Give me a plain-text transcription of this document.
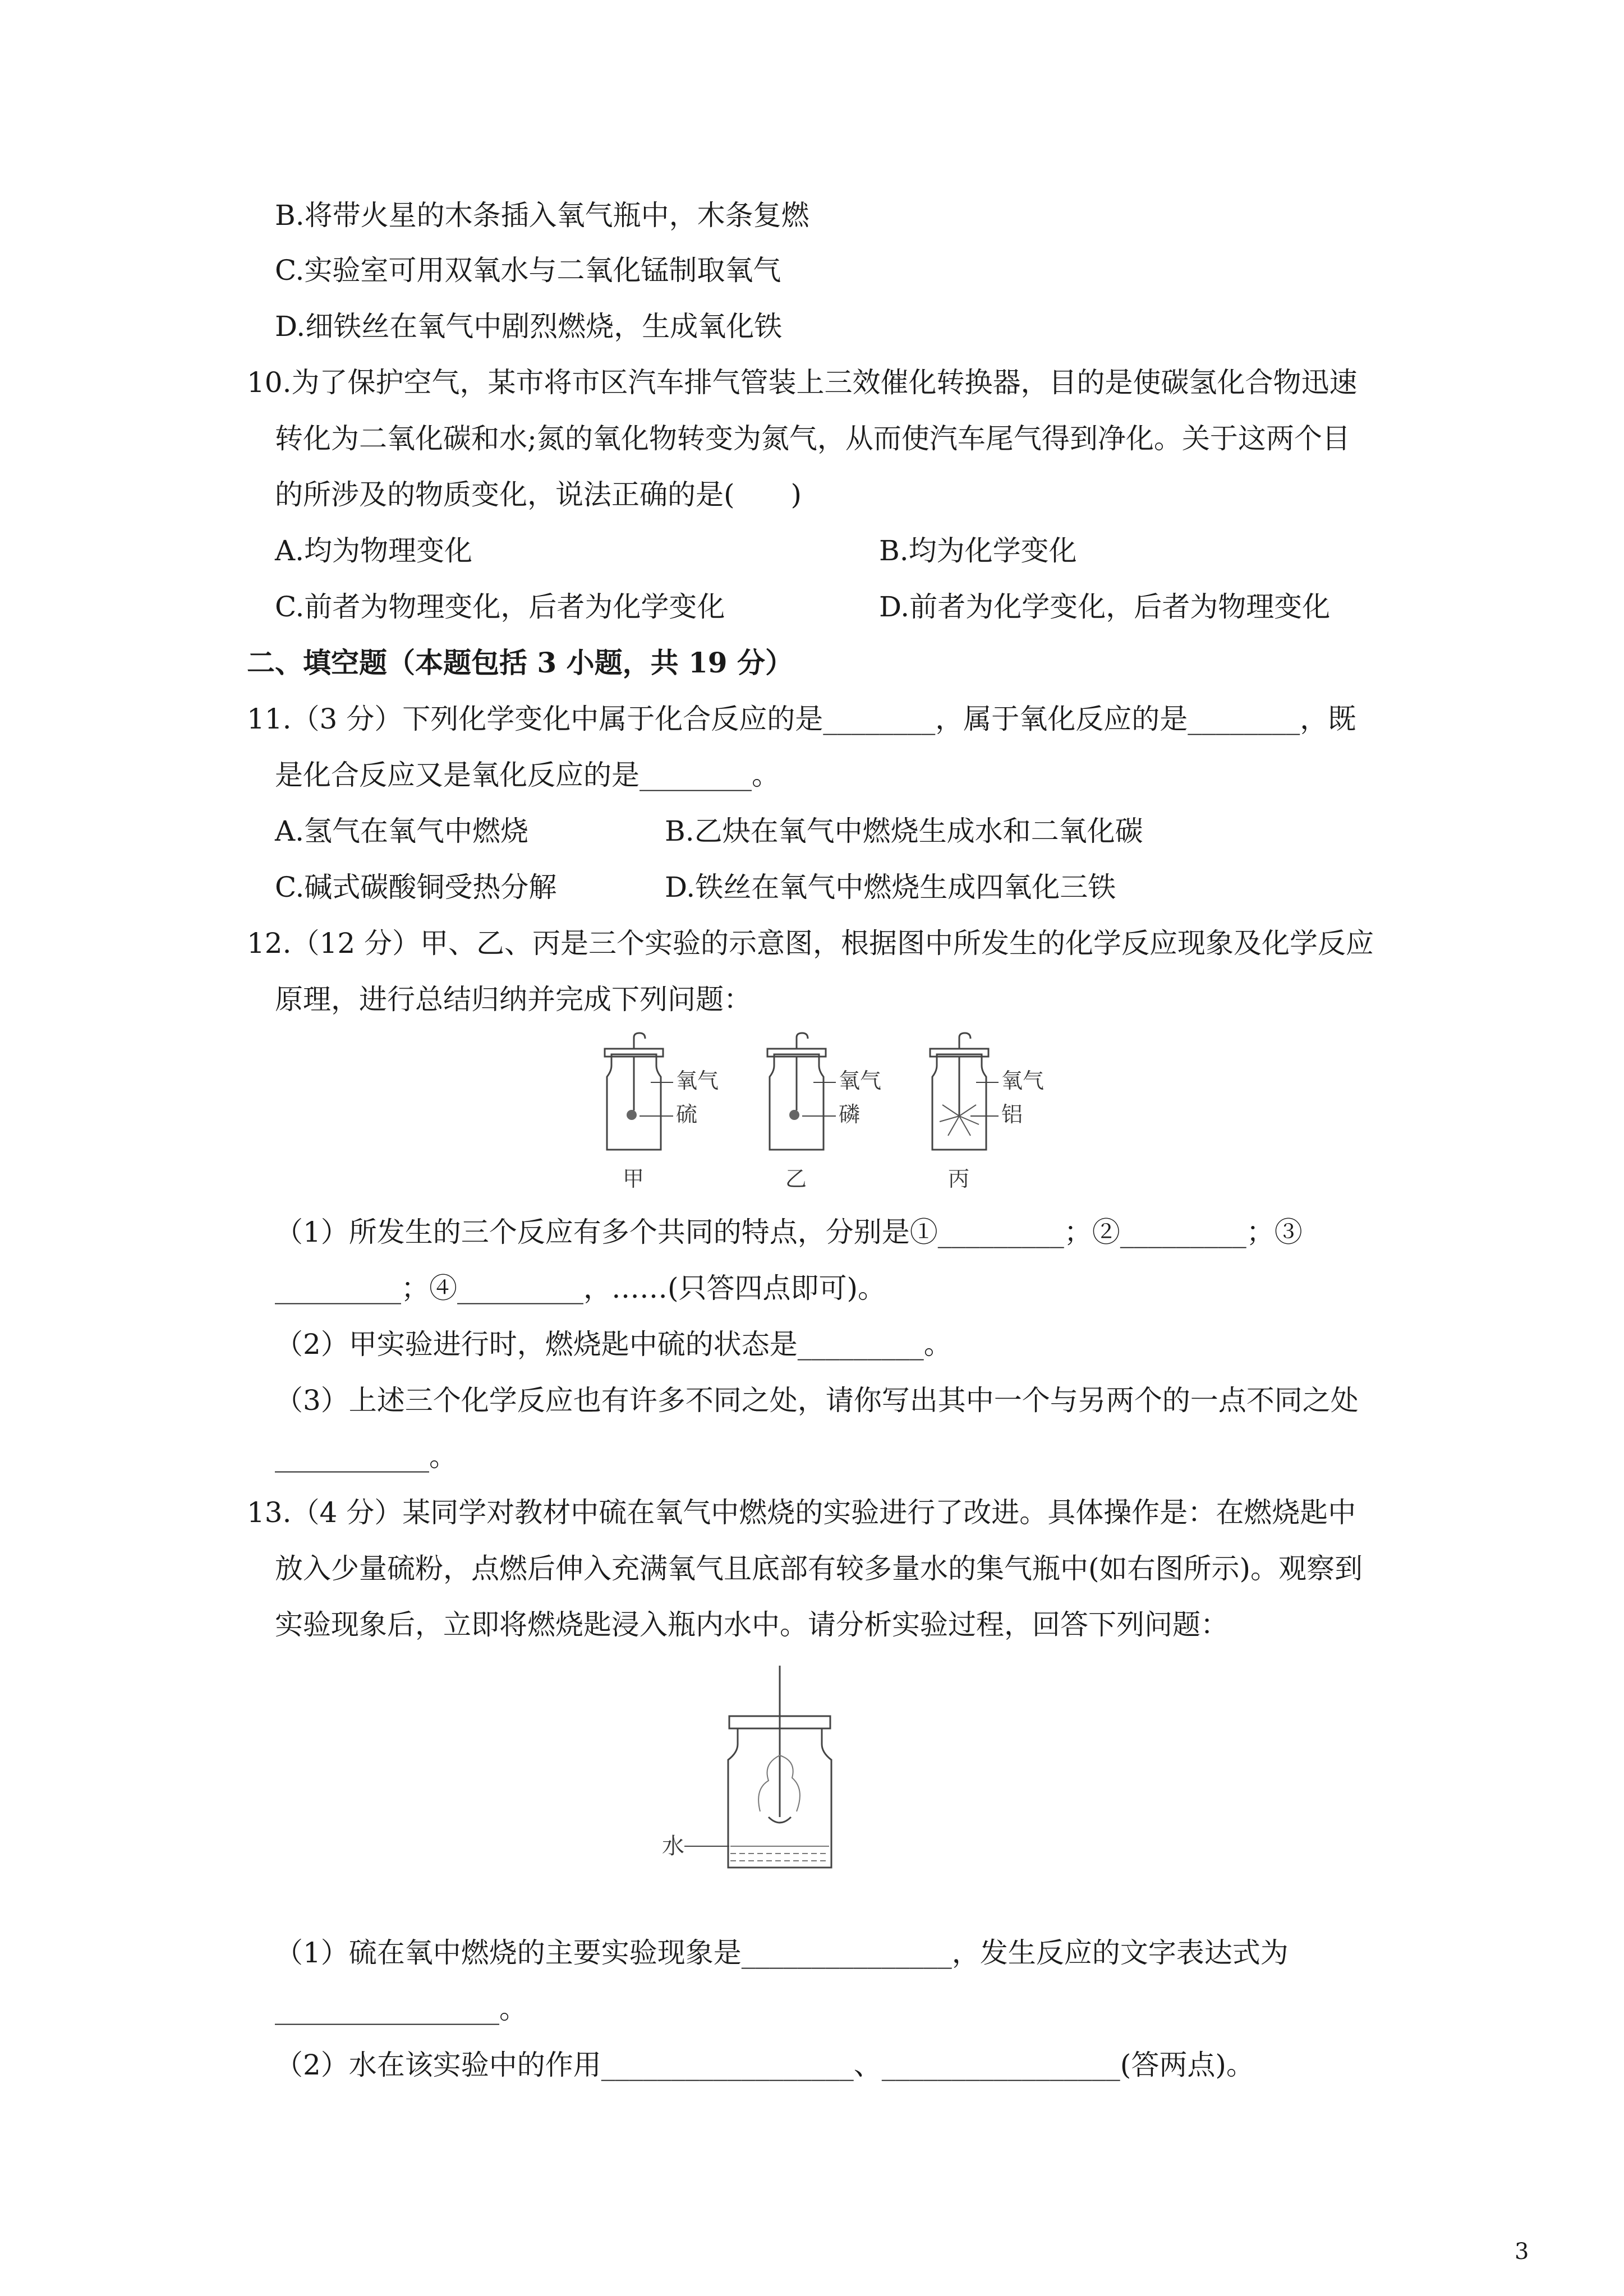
B.将带火星的木条插入氧气瓶中，木条复燃
C.实验室可用双氧水与二氧化锰制取氧气
D.细铁丝在氧气中剧烈燃烧，生成氧化铁
10.为了保护空气，某市将市区汽车排气管装上三效催化转换器，目的是使碳氢化合物迅速
转化为二氧化碳和水;氮的氧化物转变为氮气，从而使汽车尾气得到净化。关于这两个目
的所涉及的物质变化，说法正确的是(　　)
A.均为物理变化	B.均为化学变化
C.前者为物理变化，后者为化学变化	D.前者为化学变化，后者为物理变化
二、填空题（本题包括 3 小题，共 19 分）
11.（3 分）下列化学变化中属于化合反应的是________，属于氧化反应的是________，既
是化合反应又是氧化反应的是________。
A.氢气在氧气中燃烧	B.乙炔在氧气中燃烧生成水和二氧化碳
C.碱式碳酸铜受热分解	D.铁丝在氧气中燃烧生成四氧化三铁
12.（12 分）甲、乙、丙是三个实验的示意图，根据图中所发生的化学反应现象及化学反应
原理，进行总结归纳并完成下列问题：
氧气
硫
甲
氧气
磷
乙
氧气
铝
丙
（1）所发生的三个反应有多个共同的特点，分别是①_________；②_________；③
_________；④_________，……(只答四点即可)。
（2）甲实验进行时，燃烧匙中硫的状态是_________。
（3）上述三个化学反应也有许多不同之处，请你写出其中一个与另两个的一点不同之处
___________。
13.（4 分）某同学对教材中硫在氧气中燃烧的实验进行了改进。具体操作是：在燃烧匙中
放入少量硫粉，点燃后伸入充满氧气且底部有较多量水的集气瓶中(如右图所示)。观察到
实验现象后，立即将燃烧匙浸入瓶内水中。请分析实验过程，回答下列问题：
水
（1）硫在氧中燃烧的主要实验现象是_______________，发生反应的文字表达式为
________________。
（2）水在该实验中的作用__________________、_________________(答两点)。
3
